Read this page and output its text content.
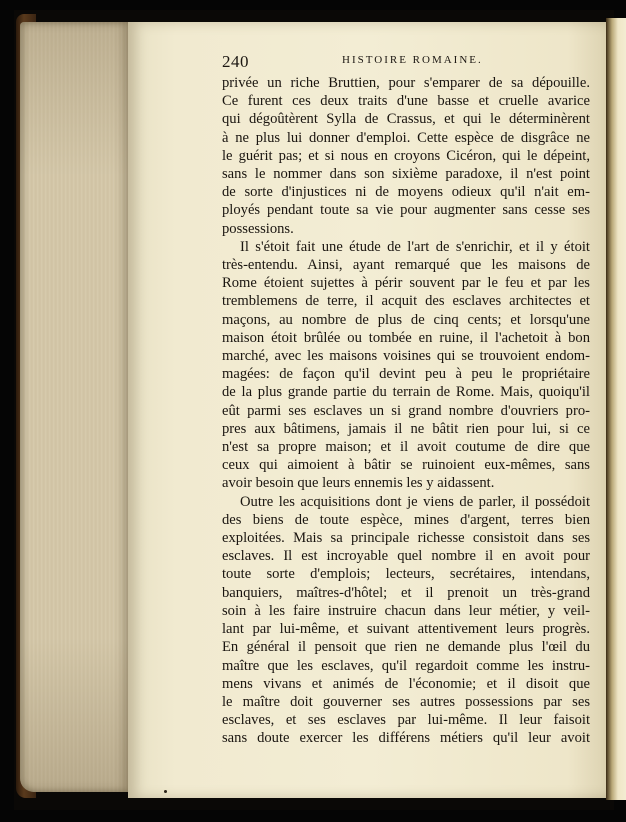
240	HISTOIRE ROMAINE.
privée un riche Bruttien, pour s'emparer de sa dépouille.
Ce furent ces deux traits d'une basse et cruelle avarice
qui dégoûtèrent Sylla de Crassus, et qui le déterminèrent
à ne plus lui donner d'emploi. Cette espèce de disgrâce ne
le guérit pas; et si nous en croyons Cicéron, qui le dépeint,
sans le nommer dans son sixième paradoxe, il n'est point
de sorte d'injustices ni de moyens odieux qu'il n'ait em-
ployés pendant toute sa vie pour augmenter sans cesse ses
possessions.
Il s'étoit fait une étude de l'art de s'enrichir, et il y étoit
très-entendu. Ainsi, ayant remarqué que les maisons de
Rome étoient sujettes à périr souvent par le feu et par les
tremblemens de terre, il acquit des esclaves architectes et
maçons, au nombre de plus de cinq cents; et lorsqu'une
maison étoit brûlée ou tombée en ruine, il l'achetoit à bon
marché, avec les maisons voisines qui se trouvoient endom-
magées: de façon qu'il devint peu à peu le propriétaire
de la plus grande partie du terrain de Rome. Mais, quoiqu'il
eût parmi ses esclaves un si grand nombre d'ouvriers pro-
pres aux bâtimens, jamais il ne bâtit rien pour lui, si ce
n'est sa propre maison; et il avoit coutume de dire que
ceux qui aimoient à bâtir se ruinoient eux-mêmes, sans
avoir besoin que leurs ennemis les y aidassent.
Outre les acquisitions dont je viens de parler, il possédoit
des biens de toute espèce, mines d'argent, terres bien
exploitées. Mais sa principale richesse consistoit dans ses
esclaves. Il est incroyable quel nombre il en avoit pour
toute sorte d'emplois; lecteurs, secrétaires, intendans,
banquiers, maîtres-d'hôtel; et il prenoit un très-grand
soin à les faire instruire chacun dans leur métier, y veil-
lant par lui-même, et suivant attentivement leurs progrès.
En général il pensoit que rien ne demande plus l'œil du
maître que les esclaves, qu'il regardoit comme les instru-
mens vivans et animés de l'économie; et il disoit que
le maître doit gouverner ses autres possessions par ses
esclaves, et ses esclaves par lui-même. Il leur faisoit
sans doute exercer les différens métiers qu'il leur avoit
